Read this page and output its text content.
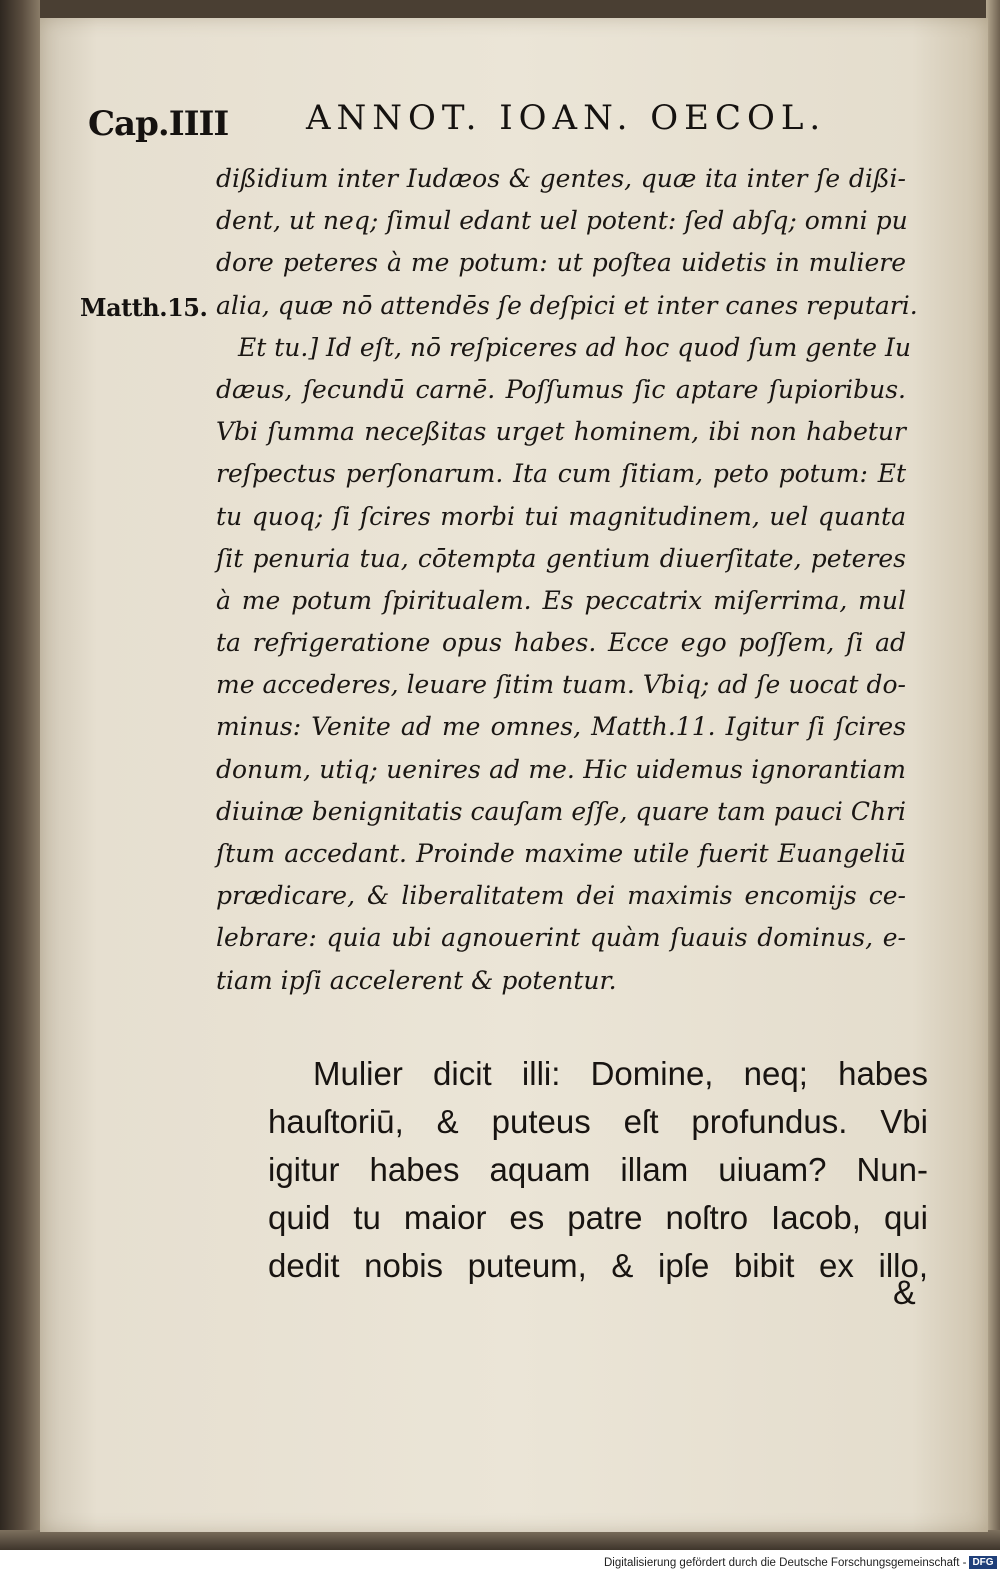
Cap.IIII ANNOT. IOAN. OECOL.
Matth.15.
dißidium inter Iudæos & gentes, quæ ita inter ſe dißi-
dent, ut neq; ſimul edant uel potent: ſed abſq; omni pu
dore peteres à me potum: ut poſtea uidetis in muliere
alia, quæ nō attendēs ſe deſpici et inter canes reputari.
Et tu.] Id eſt, nō reſpiceres ad hoc quod ſum gente Iu
dæus, ſecundū carnē. Poſſumus ſic aptare ſupioribus.
Vbi ſumma neceßitas urget hominem, ibi non habetur
reſpectus perſonarum. Ita cum ſitiam, peto potum: Et
tu quoq; ſi ſcires morbi tui magnitudinem, uel quanta
ſit penuria tua, cōtempta gentium diuerſitate, peteres
à me potum ſpiritualem. Es peccatrix miſerrima, mul
ta refrigeratione opus habes. Ecce ego poſſem, ſi ad
me accederes, leuare ſitim tuam. Vbiq; ad ſe uocat do-
minus: Venite ad me omnes, Matth.11. Igitur ſi ſcires
donum, utiq; uenires ad me. Hic uidemus ignorantiam
diuinæ benignitatis cauſam eſſe, quare tam pauci Chri
ſtum accedant. Proinde maxime utile fuerit Euangeliū
prædicare, & liberalitatem dei maximis encomijs ce-
lebrare: quia ubi agnouerint quàm ſuauis dominus, e-
tiam ipſi accelerent & potentur.
Mulier dicit illi: Domine, neq; habes
hauſtoriū, & puteus eſt profundus. Vbi
igitur habes aquam illam uiuam? Nun-
quid tu maior es patre noſtro Iacob, qui
dedit nobis puteum, & ipſe bibit ex illo,
&
Digitalisierung gefördert durch die Deutsche Forschungsgemeinschaft - DFG
